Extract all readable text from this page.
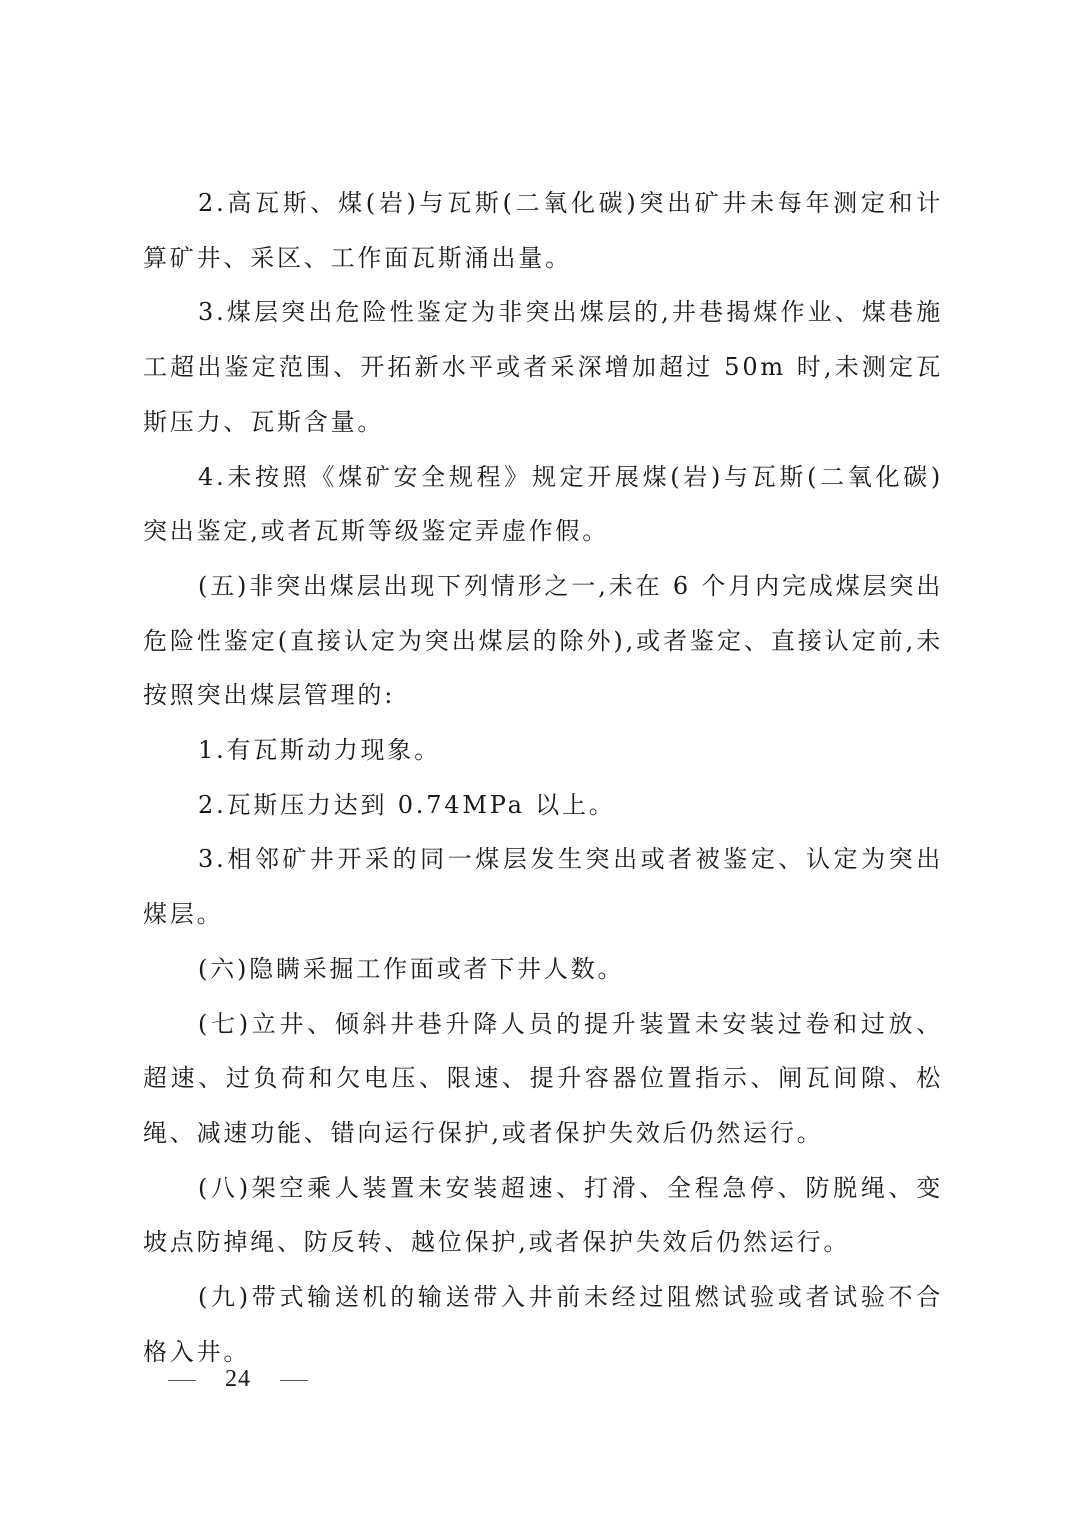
2.高瓦斯、煤(岩)与瓦斯(二氧化碳)突出矿井未每年测定和计算矿井、采区、工作面瓦斯涌出量。

3.煤层突出危险性鉴定为非突出煤层的,井巷揭煤作业、煤巷施工超出鉴定范围、开拓新水平或者采深增加超过 50m 时,未测定瓦斯压力、瓦斯含量。

4.未按照《煤矿安全规程》规定开展煤(岩)与瓦斯(二氧化碳)突出鉴定,或者瓦斯等级鉴定弄虚作假。

(五)非突出煤层出现下列情形之一,未在 6 个月内完成煤层突出危险性鉴定(直接认定为突出煤层的除外),或者鉴定、直接认定前,未按照突出煤层管理的:

1.有瓦斯动力现象。

2.瓦斯压力达到 0.74MPa 以上。

3.相邻矿井开采的同一煤层发生突出或者被鉴定、认定为突出煤层。

(六)隐瞒采掘工作面或者下井人数。

(七)立井、倾斜井巷升降人员的提升装置未安装过卷和过放、超速、过负荷和欠电压、限速、提升容器位置指示、闸瓦间隙、松绳、减速功能、错向运行保护,或者保护失效后仍然运行。

(八)架空乘人装置未安装超速、打滑、全程急停、防脱绳、变坡点防掉绳、防反转、越位保护,或者保护失效后仍然运行。

(九)带式输送机的输送带入井前未经过阻燃试验或者试验不合格入井。

24
